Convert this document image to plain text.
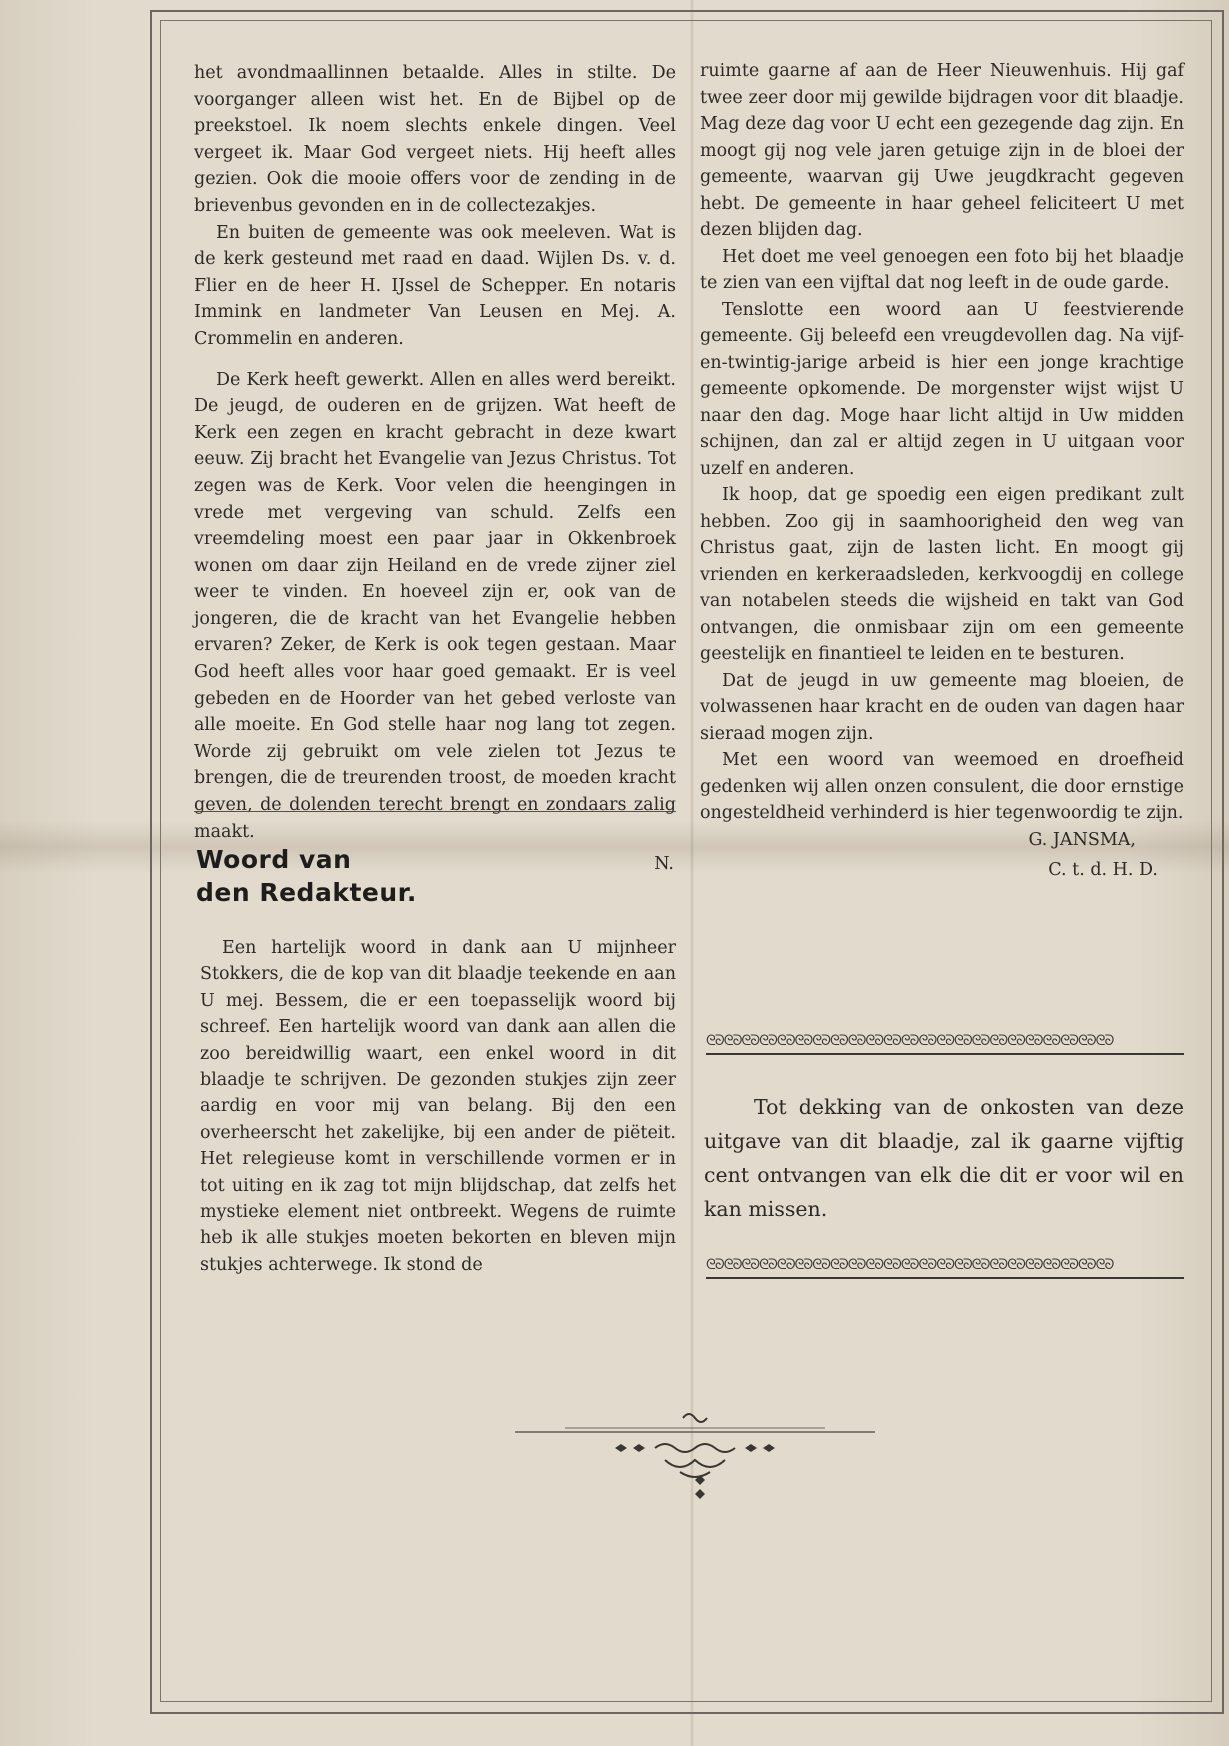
het avondmaallinnen betaalde. Alles in stilte. De voorganger alleen wist het. En de Bijbel op de preekstoel. Ik noem slechts enkele dingen. Veel vergeet ik. Maar God vergeet niets. Hij heeft alles gezien. Ook die mooie offers voor de zending in de brievenbus gevonden en in de collectezakjes.

En buiten de gemeente was ook meeleven. Wat is de kerk gesteund met raad en daad. Wijlen Ds. v. d. Flier en de heer H. IJssel de Schepper. En notaris Immink en landmeter Van Leusen en Mej. A. Crommelin en anderen.

De Kerk heeft gewerkt. Allen en alles werd bereikt. De jeugd, de ouderen en de grijzen. Wat heeft de Kerk een zegen en kracht gebracht in deze kwart eeuw. Zij bracht het Evangelie van Jezus Christus. Tot zegen was de Kerk. Voor velen die heengingen in vrede met vergeving van schuld. Zelfs een vreemdeling moest een paar jaar in Okkenbroek wonen om daar zijn Heiland en de vrede zijner ziel weer te vinden. En hoeveel zijn er, ook van de jongeren, die de kracht van het Evangelie hebben ervaren? Zeker, de Kerk is ook tegen gestaan. Maar God heeft alles voor haar goed gemaakt. Er is veel gebeden en de Hoorder van het gebed verloste van alle moeite. En God stelle haar nog lang tot zegen. Worde zij gebruikt om vele zielen tot Jezus te brengen, die de treurenden troost, de moeden kracht geven, de dolenden terecht brengt en zondaars zalig maakt.

N.

Woord van
den Redakteur.

Een hartelijk woord in dank aan U mijnheer Stokkers, die de kop van dit blaadje teekende en aan U mej. Bessem, die er een toepasselijk woord bij schreef. Een hartelijk woord van dank aan allen die zoo bereidwillig waart, een enkel woord in dit blaadje te schrijven. De gezonden stukjes zijn zeer aardig en voor mij van belang. Bij den een overheerscht het zakelijke, bij een ander de piëteit. Het relegieuse komt in verschillende vormen er in tot uiting en ik zag tot mijn blijdschap, dat zelfs het mystieke element niet ontbreekt. Wegens de ruimte heb ik alle stukjes moeten bekorten en bleven mijn stukjes achterwege. Ik stond de

ruimte gaarne af aan de Heer Nieuwenhuis. Hij gaf twee zeer door mij gewilde bijdragen voor dit blaadje. Mag deze dag voor U echt een gezegende dag zijn. En moogt gij nog vele jaren getuige zijn in de bloei der gemeente, waarvan gij Uwe jeugdkracht gegeven hebt. De gemeente in haar geheel feliciteert U met dezen blijden dag.

Het doet me veel genoegen een foto bij het blaadje te zien van een vijftal dat nog leeft in de oude garde.

Tenslotte een woord aan U feestvierende gemeente. Gij beleefd een vreugdevollen dag. Na vijf-en-twintig-jarige arbeid is hier een jonge krachtige gemeente opkomende. De morgenster wijst wijst U naar den dag. Moge haar licht altijd in Uw midden schijnen, dan zal er altijd zegen in U uitgaan voor uzelf en anderen.

Ik hoop, dat ge spoedig een eigen predikant zult hebben. Zoo gij in saamhoorigheid den weg van Christus gaat, zijn de lasten licht. En moogt gij vrienden en kerkeraadsleden, kerkvoogdij en college van notabelen steeds die wijsheid en takt van God ontvangen, die onmisbaar zijn om een gemeente geestelijk en finantieel te leiden en te besturen.

Dat de jeugd in uw gemeente mag bloeien, de volwassenen haar kracht en de ouden van dagen haar sieraad mogen zijn.

Met een woord van weemoed en droefheid gedenken wij allen onzen consulent, die door ernstige ongesteldheid verhinderd is hier tegenwoordig te zijn.

G. JANSMA,
C. t. d. H. D.

ᘓᘐᘓᘐᘓᘐᘓᘐᘓᘐᘓᘐᘓᘐᘓᘐᘓᘐᘓᘐᘓᘐᘓᘐᘓᘐᘓᘐᘓᘐᘓᘐᘓᘐᘓᘐᘓᘐᘓᘐᘓᘐᘓᘐᘓᘐ

Tot dekking van de onkosten van deze uitgave van dit blaadje, zal ik gaarne vijftig cent ontvangen van elk die dit er voor wil en kan missen.

ᘓᘐᘓᘐᘓᘐᘓᘐᘓᘐᘓᘐᘓᘐᘓᘐᘓᘐᘓᘐᘓᘐᘓᘐᘓᘐᘓᘐᘓᘐᘓᘐᘓᘐᘓᘐᘓᘐᘓᘐᘓᘐᘓᘐᘓᘐ
